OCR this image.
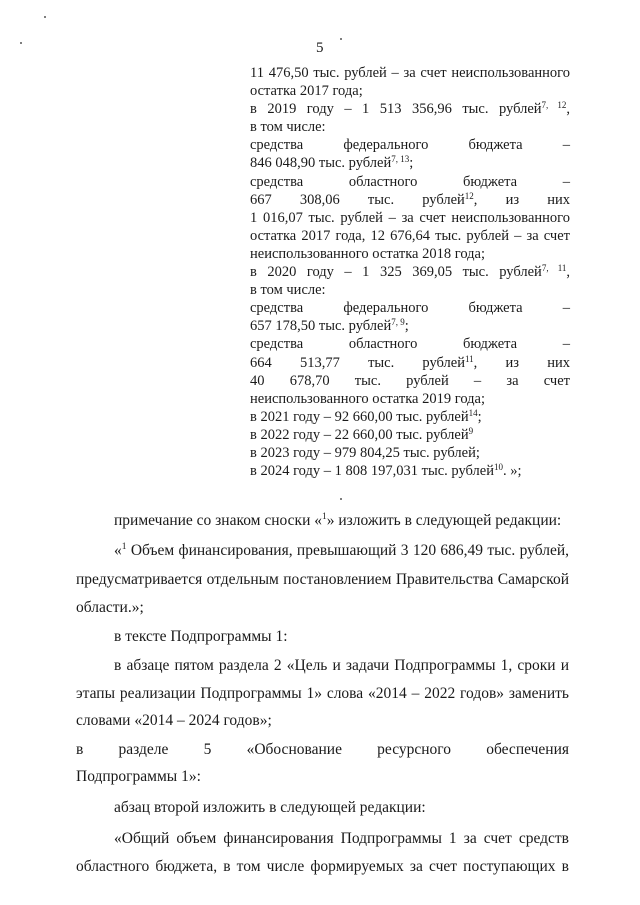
5
11 476,50 тыс. рублей – за счет неиспользованного
остатка 2017 года;
в 2019 году – 1 513 356,96 тыс. рублей$^{7, 12}$,
в том числе:
средства федерального бюджета –
846 048,90 тыс. рублей$^{7, 13}$;
средства областного бюджета –
667 308,06 тыс. рублей$^{12}$, из них
1 016,07 тыс. рублей – за счет неиспользованного
остатка 2017 года, 12 676,64 тыс. рублей – за счет
неиспользованного остатка 2018 года;
в 2020 году – 1 325 369,05 тыс. рублей$^{7, 11}$,
в том числе:
средства федерального бюджета –
657 178,50 тыс. рублей$^{7, 9}$;
средства областного бюджета –
664 513,77 тыс. рублей$^{11}$, из них
40 678,70 тыс. рублей – за счет
неиспользованного остатка 2019 года;
в 2021 году – 92 660,00 тыс. рублей$^{14}$;
в 2022 году – 22 660,00 тыс. рублей$^9$
в 2023 году – 979 804,25 тыс. рублей;
в 2024 году – 1 808 197,031 тыс. рублей$^{10}$. »;
примечание со знаком сноски «$^1$» изложить в следующей редакции:
«$^1$ Объем финансирования, превышающий 3 120 686,49 тыс. рублей,
предусматривается отдельным постановлением Правительства Самарской
области.»;
в тексте Подпрограммы 1:
в абзаце пятом раздела 2 «Цель и задачи Подпрограммы 1, сроки и
этапы реализации Подпрограммы 1» слова «2014 – 2022 годов» заменить
словами «2014 – 2024 годов»;
в разделе 5 «Обоснование ресурсного обеспечения
Подпрограммы 1»:
абзац второй изложить в следующей редакции:
«Общий объем финансирования Подпрограммы 1 за счет средств
областного бюджета, в том числе формируемых за счет поступающих в
